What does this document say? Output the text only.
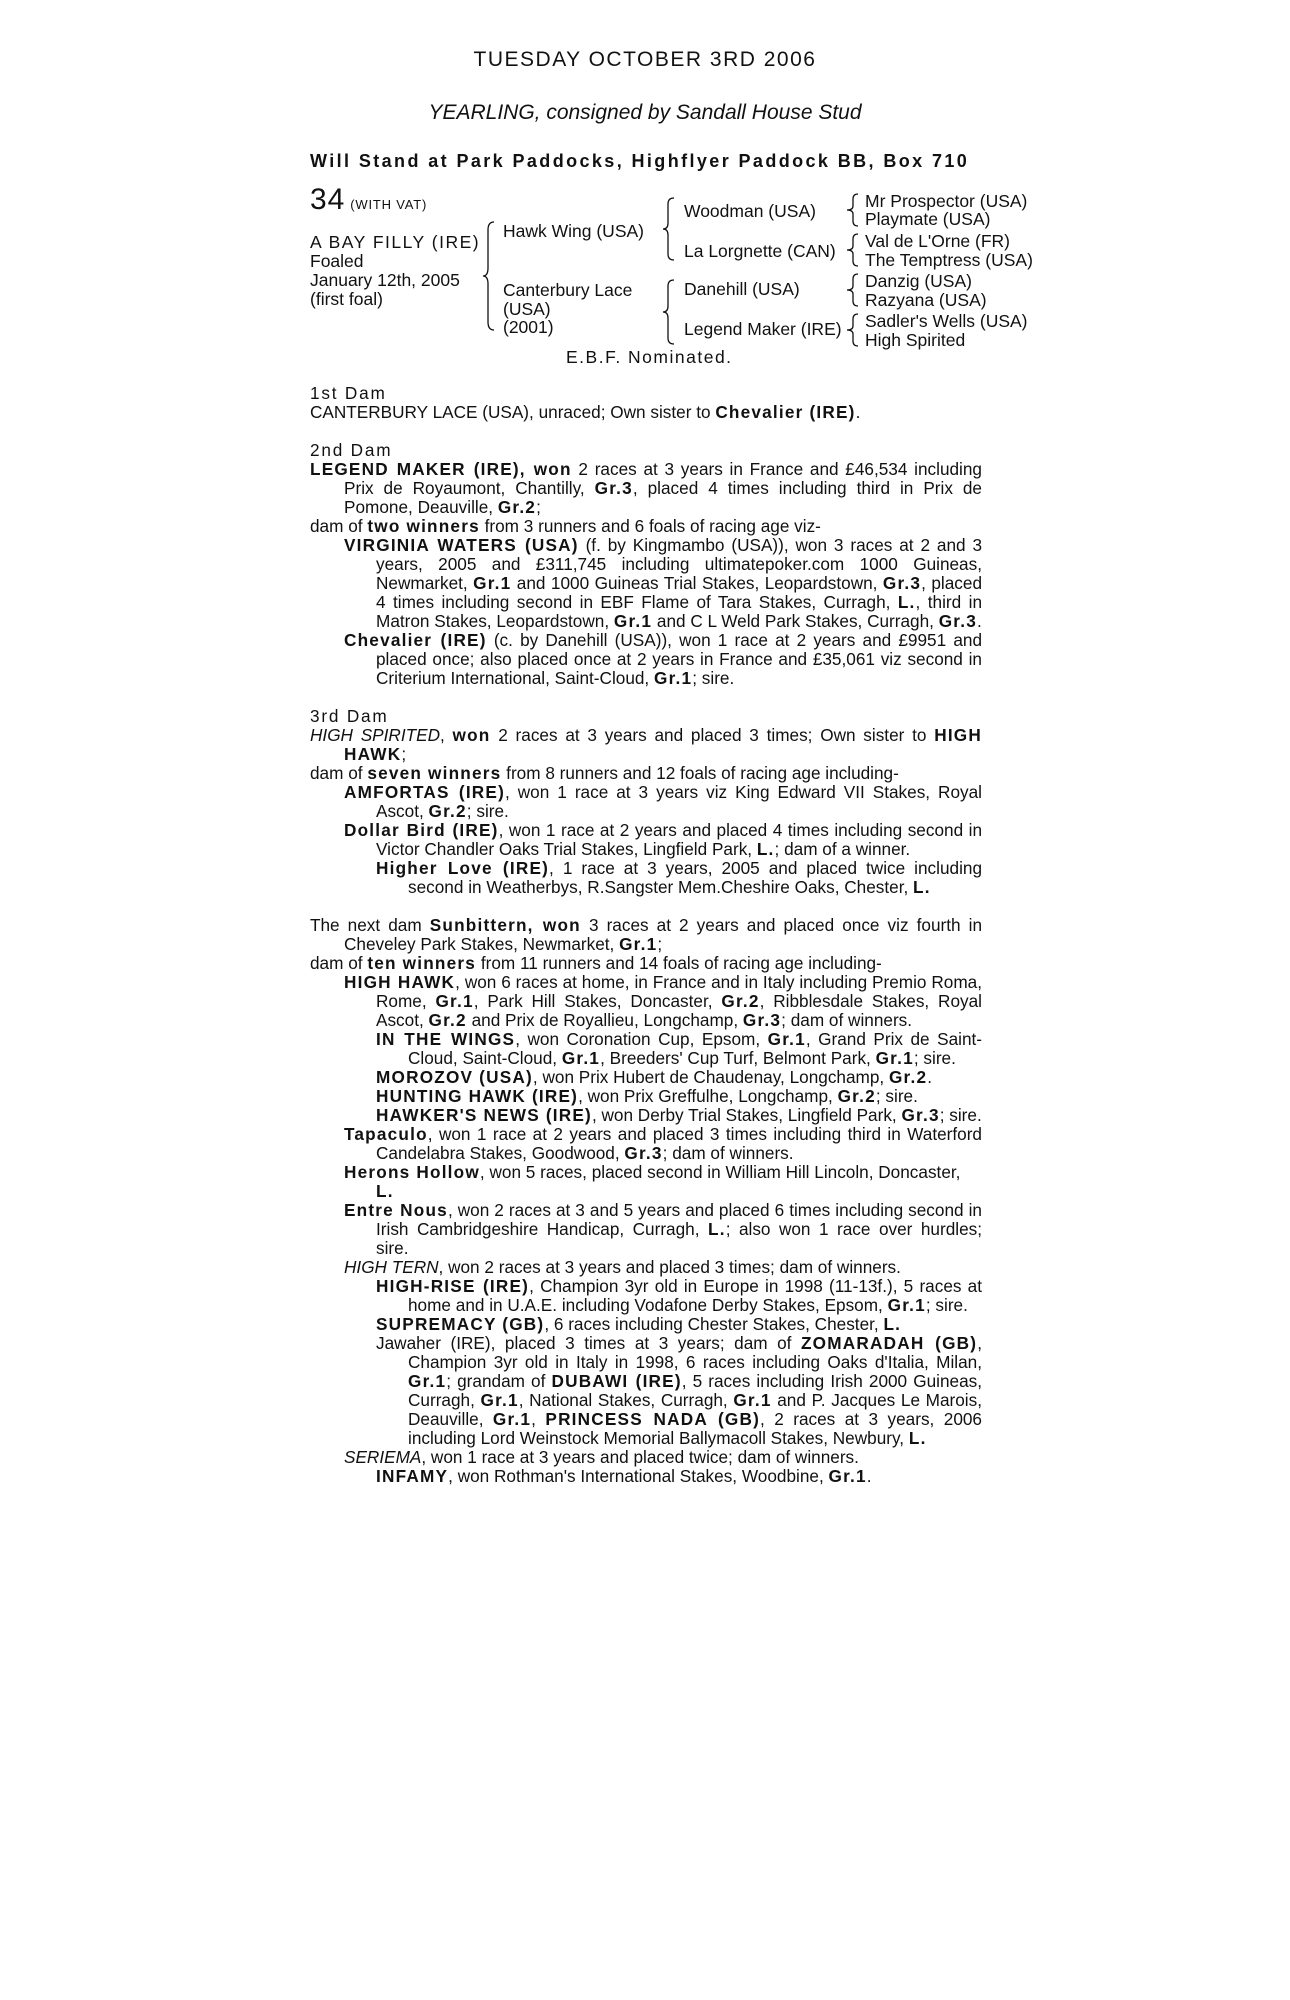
TUESDAY OCTOBER 3RD 2006
YEARLING, consigned by Sandall House Stud
Will Stand at Park Paddocks, Highflyer Paddock BB, Box 710
34 (WITH VAT)
A BAY FILLY (IRE)
Foaled
January 12th, 2005
(first foal)
Hawk Wing (USA)
Canterbury Lace
(USA)
(2001)
Woodman (USA)
La Lorgnette (CAN)
Danehill (USA)
Legend Maker (IRE)
Mr Prospector (USA)
Playmate (USA)
Val de L'Orne (FR)
The Temptress (USA)
Danzig (USA)
Razyana (USA)
Sadler's Wells (USA)
High Spirited
E.B.F. Nominated.

1st Dam

CANTERBURY LACE (USA), unraced; Own sister to Chevalier (IRE).

2nd Dam

LEGEND MAKER (IRE), won 2 races at 3 years in France and £46,534 including Prix de Royaumont, Chantilly, Gr.3, placed 4 times including third in Prix de Pomone, Deauville, Gr.2;

dam of two winners from 3 runners and 6 foals of racing age viz-

VIRGINIA WATERS (USA) (f. by Kingmambo (USA)), won 3 races at 2 and 3 years, 2005 and £311,745 including ultimatepoker.com 1000 Guineas, Newmarket, Gr.1 and 1000 Guineas Trial Stakes, Leopardstown, Gr.3, placed 4 times including second in EBF Flame of Tara Stakes, Curragh, L., third in Matron Stakes, Leopardstown, Gr.1 and C L Weld Park Stakes, Curragh, Gr.3.

Chevalier (IRE) (c. by Danehill (USA)), won 1 race at 2 years and £9951 and placed once; also placed once at 2 years in France and £35,061 viz second in Criterium International, Saint-Cloud, Gr.1; sire.

3rd Dam

HIGH SPIRITED, won 2 races at 3 years and placed 3 times; Own sister to HIGH HAWK;

dam of seven winners from 8 runners and 12 foals of racing age including-

AMFORTAS (IRE), won 1 race at 3 years viz King Edward VII Stakes, Royal Ascot, Gr.2; sire.

Dollar Bird (IRE), won 1 race at 2 years and placed 4 times including second in Victor Chandler Oaks Trial Stakes, Lingfield Park, L.; dam of a winner.

Higher Love (IRE), 1 race at 3 years, 2005 and placed twice including second in Weatherbys, R.Sangster Mem.Cheshire Oaks, Chester, L.

The next dam Sunbittern, won 3 races at 2 years and placed once viz fourth in Cheveley Park Stakes, Newmarket, Gr.1;

dam of ten winners from 11 runners and 14 foals of racing age including-

HIGH HAWK, won 6 races at home, in France and in Italy including Premio Roma, Rome, Gr.1, Park Hill Stakes, Doncaster, Gr.2, Ribblesdale Stakes, Royal Ascot, Gr.2 and Prix de Royallieu, Longchamp, Gr.3; dam of winners.

IN THE WINGS, won Coronation Cup, Epsom, Gr.1, Grand Prix de Saint-Cloud, Saint-Cloud, Gr.1, Breeders' Cup Turf, Belmont Park, Gr.1; sire.

MOROZOV (USA), won Prix Hubert de Chaudenay, Longchamp, Gr.2.

HUNTING HAWK (IRE), won Prix Greffulhe, Longchamp, Gr.2; sire.

HAWKER'S NEWS (IRE), won Derby Trial Stakes, Lingfield Park, Gr.3; sire.

Tapaculo, won 1 race at 2 years and placed 3 times including third in Waterford Candelabra Stakes, Goodwood, Gr.3; dam of winners.

Herons Hollow, won 5 races, placed second in William Hill Lincoln, Doncaster, L.

Entre Nous, won 2 races at 3 and 5 years and placed 6 times including second in Irish Cambridgeshire Handicap, Curragh, L.; also won 1 race over hurdles; sire.

HIGH TERN, won 2 races at 3 years and placed 3 times; dam of winners.

HIGH-RISE (IRE), Champion 3yr old in Europe in 1998 (11-13f.), 5 races at home and in U.A.E. including Vodafone Derby Stakes, Epsom, Gr.1; sire.

SUPREMACY (GB), 6 races including Chester Stakes, Chester, L.

Jawaher (IRE), placed 3 times at 3 years; dam of ZOMARADAH (GB), Champion 3yr old in Italy in 1998, 6 races including Oaks d'Italia, Milan, Gr.1; grandam of DUBAWI (IRE), 5 races including Irish 2000 Guineas, Curragh, Gr.1, National Stakes, Curragh, Gr.1 and P. Jacques Le Marois, Deauville, Gr.1, PRINCESS NADA (GB), 2 races at 3 years, 2006 including Lord Weinstock Memorial Ballymacoll Stakes, Newbury, L.

SERIEMA, won 1 race at 3 years and placed twice; dam of winners.

INFAMY, won Rothman's International Stakes, Woodbine, Gr.1.
